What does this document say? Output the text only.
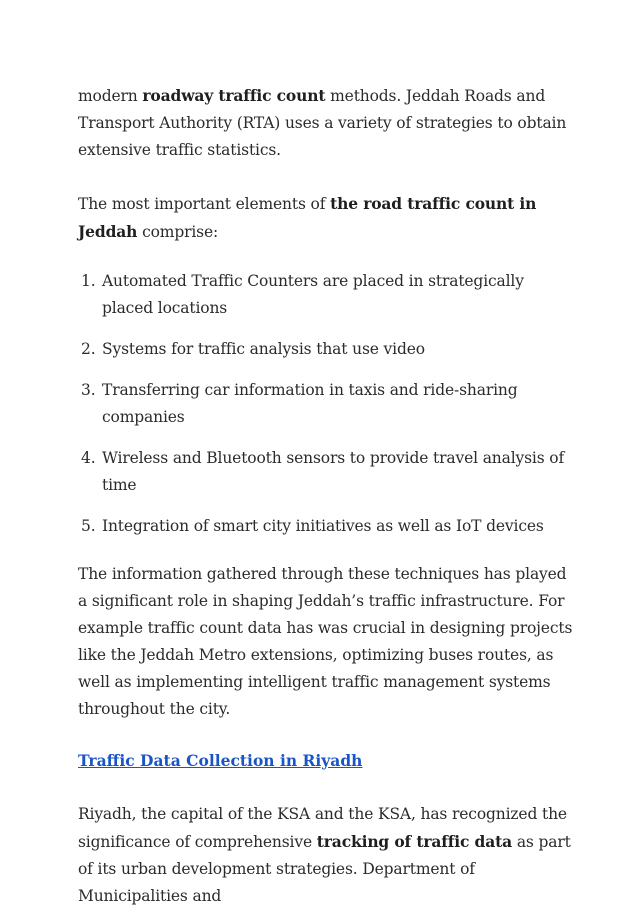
modern roadway traffic count methods. Jeddah Roads and Transport Authority (RTA) uses a variety of strategies to obtain extensive traffic statistics.

The most important elements of the road traffic count in Jeddah comprise:

1. Automated Traffic Counters are placed in strategically placed locations
2. Systems for traffic analysis that use video
3. Transferring car information in taxis and ride-sharing companies
4. Wireless and Bluetooth sensors to provide travel analysis of time
5. Integration of smart city initiatives as well as IoT devices

The information gathered through these techniques has played a significant role in shaping Jeddah’s traffic infrastructure. For example traffic count data has was crucial in designing projects like the Jeddah Metro extensions, optimizing buses routes, as well as implementing intelligent traffic management systems throughout the city.

Traffic Data Collection in Riyadh

Riyadh, the capital of the KSA and the KSA, has recognized the significance of comprehensive tracking of traffic data as part of its urban development strategies. Department of Municipalities and
